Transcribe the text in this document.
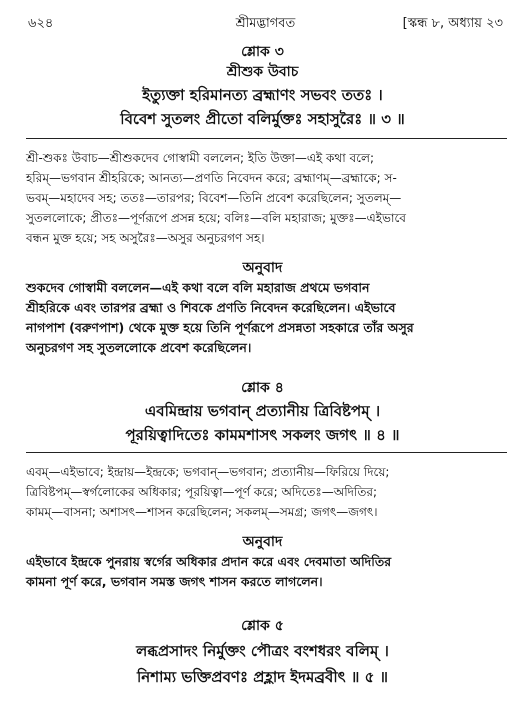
৬২৪	শ্রীমদ্ভাগবত	[স্কন্ধ ৮, অধ্যায় ২৩
শ্লোক ৩
শ্রীশুক উবাচ
ইত্যুক্তা হরিমানত্য ব্রহ্মাণং সভবং ততঃ ।
বিবেশ সুতলং প্রীতো বলির্মুক্তঃ সহাসুরৈঃ ॥ ৩ ॥
শ্রী-শুকঃ উবাচ—শ্রীশুকদেব গোস্বামী বললেন; ইতি উক্তা—এই কথা বলে;
হরিম্—ভগবান শ্রীহরিকে; আনত্য—প্রণতি নিবেদন করে; ব্রহ্মাণম্—ব্রহ্মাকে; স-
ভবম্—মহাদেব সহ; ততঃ—তারপর; বিবেশ—তিনি প্রবেশ করেছিলেন; সুতলম্—
সুতললোকে; প্রীতঃ—পূর্ণরূপে প্রসন্ন হয়ে; বলিঃ—বলি মহারাজ; মুক্তঃ—এইভাবে
বন্ধন মুক্ত হয়ে; সহ অসুরৈঃ—অসুর অনুচরগণ সহ।
অনুবাদ
শুকদেব গোস্বামী বললেন—এই কথা বলে বলি মহারাজ প্রথমে ভগবান
শ্রীহরিকে এবং তারপর ব্রহ্মা ও শিবকে প্রণতি নিবেদন করেছিলেন। এইভাবে
নাগপাশ (বরুণপাশ) থেকে মুক্ত হয়ে তিনি পূর্ণরূপে প্রসন্নতা সহকারে তাঁর অসুর
অনুচরগণ সহ সুতললোকে প্রবেশ করেছিলেন।
শ্লোক ৪
এবমিন্দ্রায় ভগবান্ প্রত্যানীয় ত্রিবিষ্টপম্ ।
পূরয়িত্বাদিতেঃ কামমশাসৎ সকলং জগৎ ॥ ৪ ॥
এবম্—এইভাবে; ইন্দ্রায়—ইন্দ্রকে; ভগবান্—ভগবান; প্রত্যানীয়—ফিরিয়ে দিয়ে;
ত্রিবিষ্টপম্—স্বর্গলোকের অধিকার; পূরয়িত্বা—পূর্ণ করে; অদিতেঃ—অদিতির;
কামম্—বাসনা; অশাসৎ—শাসন করেছিলেন; সকলম্—সমগ্র; জগৎ—জগৎ।
অনুবাদ
এইভাবে ইন্দ্রকে পুনরায় স্বর্গের অধিকার প্রদান করে এবং দেবমাতা অদিতির
কামনা পূর্ণ করে, ভগবান সমস্ত জগৎ শাসন করতে লাগলেন।
শ্লোক ৫
লব্ধপ্রসাদং নির্মুক্তং পৌত্রং বংশধরং বলিম্ ।
নিশাম্য ভক্তিপ্রবণঃ প্রহ্লাদ ইদমব্রবীৎ ॥ ৫ ॥
